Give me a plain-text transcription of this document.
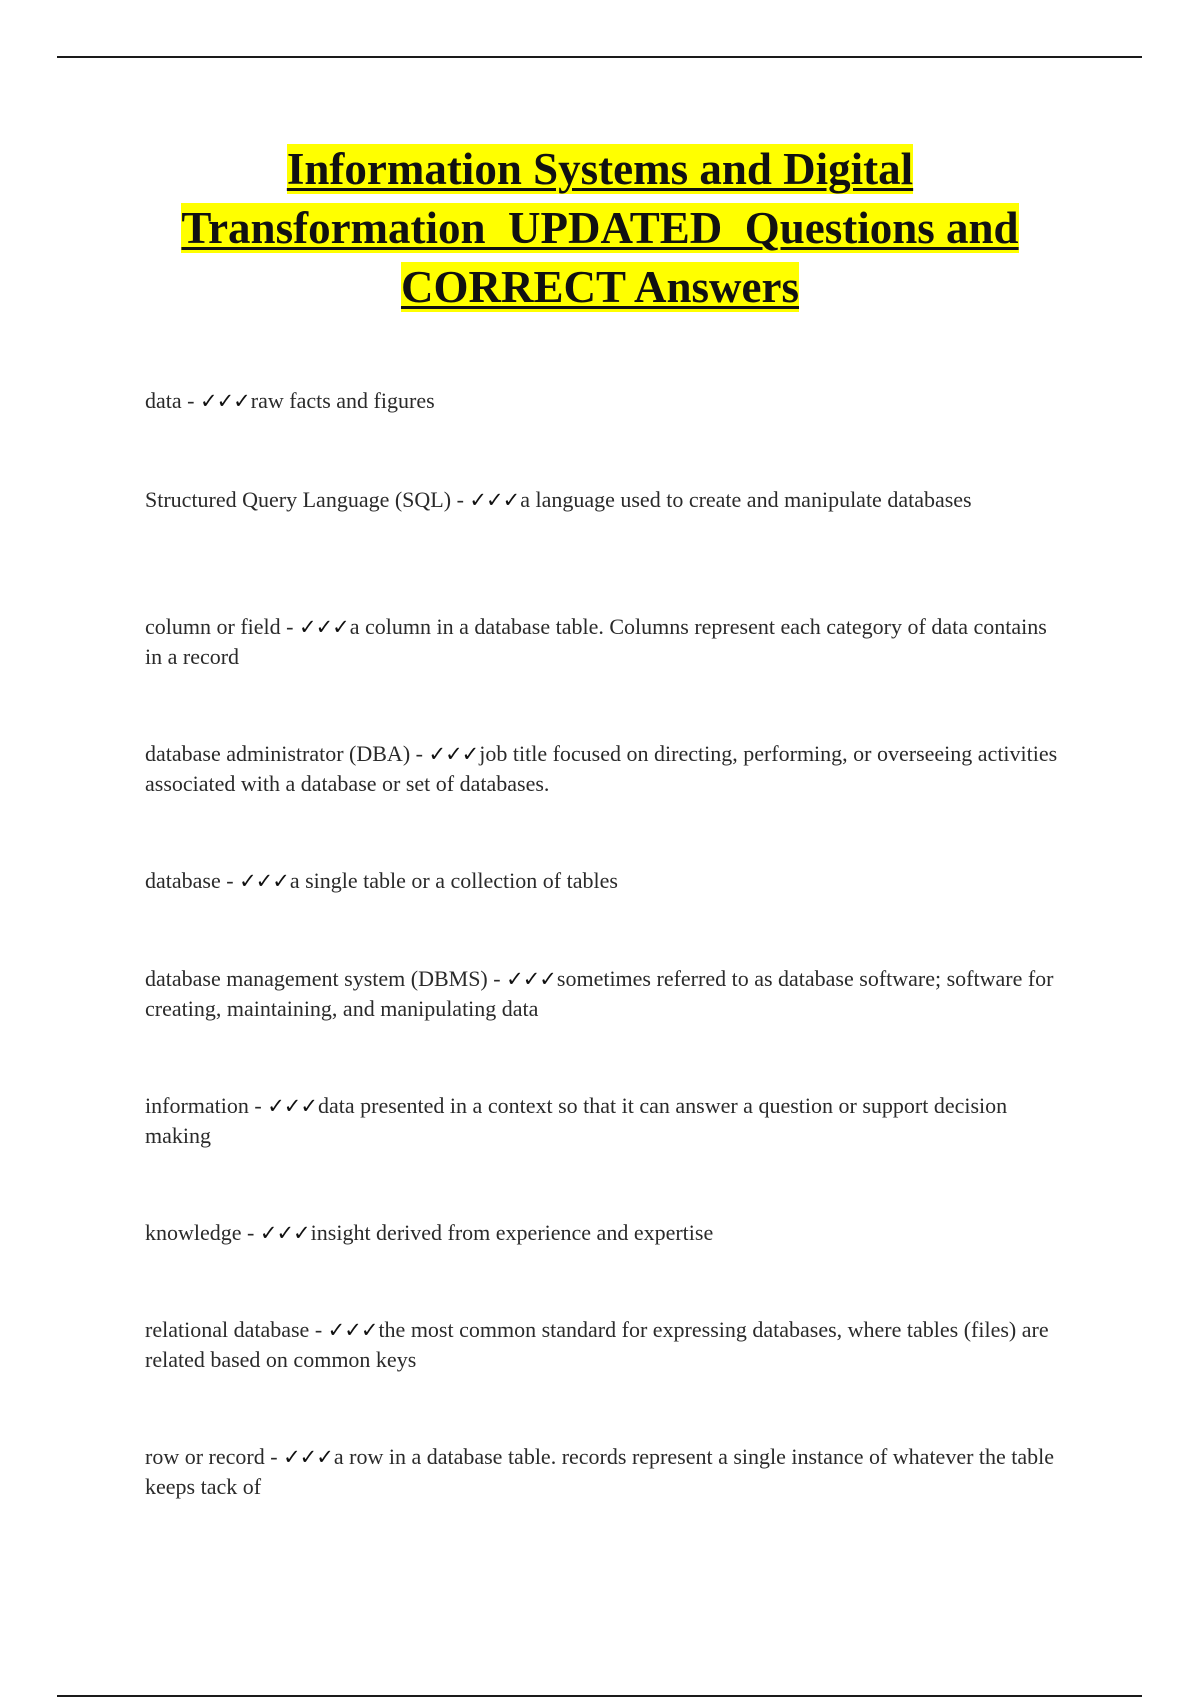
Information Systems and Digital
Transformation  UPDATED  Questions and
CORRECT Answers

data - ✓✓✓raw facts and figures

Structured Query Language (SQL) - ✓✓✓a language used to create and manipulate databases

column or field - ✓✓✓a column in a database table. Columns represent each category of data contains in a record

database administrator (DBA) - ✓✓✓job title focused on directing, performing, or overseeing activities associated with a database or set of databases.

database - ✓✓✓a single table or a collection of tables

database management system (DBMS) - ✓✓✓sometimes referred to as database software; software for creating, maintaining, and manipulating data

information - ✓✓✓data presented in a context so that it can answer a question or support decision making

knowledge - ✓✓✓insight derived from experience and expertise

relational database - ✓✓✓the most common standard for expressing databases, where tables (files) are related based on common keys

row or record - ✓✓✓a row in a database table. records represent a single instance of whatever the table keeps tack of
